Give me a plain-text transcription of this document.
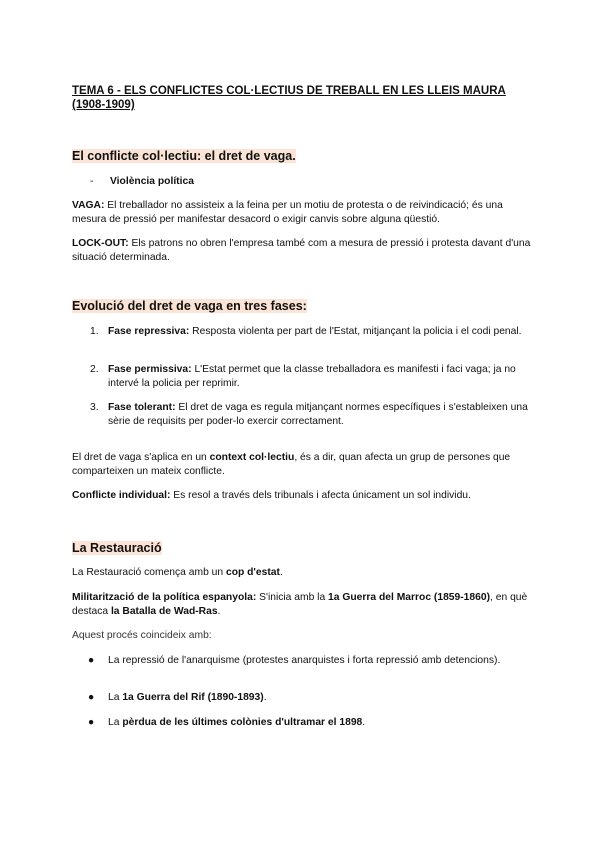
TEMA 6 - ELS CONFLICTES COL·LECTIUS DE TREBALL EN LES LLEIS MAURA (1908-1909)
El conflicte col·lectiu: el dret de vaga.
- Violència política
VAGA: El treballador no assisteix a la feina per un motiu de protesta o de reivindicació; és una mesura de pressió per manifestar desacord o exigir canvis sobre alguna qüestió.
LOCK-OUT: Els patrons no obren l'empresa també com a mesura de pressió i protesta davant d'una situació determinada.
Evolució del dret de vaga en tres fases:
1. Fase repressiva: Resposta violenta per part de l'Estat, mitjançant la policia i el codi penal.
2. Fase permissiva: L'Estat permet que la classe treballadora es manifesti i faci vaga; ja no intervé la policia per reprimir.
3. Fase tolerant: El dret de vaga es regula mitjançant normes específiques i s'estableixen una sèrie de requisits per poder-lo exercir correctament.
El dret de vaga s'aplica en un context col·lectiu, és a dir, quan afecta un grup de persones que comparteixen un mateix conflicte.
Conflicte individual: Es resol a través dels tribunals i afecta únicament un sol individu.
La Restauració
La Restauració comença amb un cop d'estat.
Militarització de la política espanyola: S'inicia amb la 1a Guerra del Marroc (1859-1860), en què destaca la Batalla de Wad-Ras.
Aquest procés coincideix amb:
●	La repressió de l'anarquisme (protestes anarquistes i forta repressió amb detencions).
●	La 1a Guerra del Rif (1890-1893).
●	La pèrdua de les últimes colònies d'ultramar el 1898.
